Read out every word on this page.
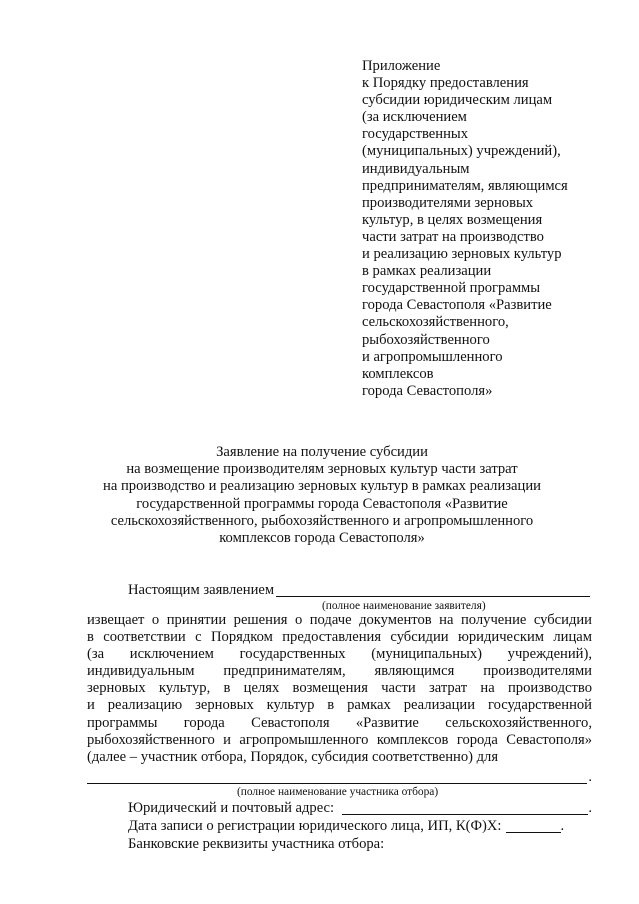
Приложение
к Порядку предоставления
субсидии юридическим лицам
(за исключением
государственных
(муниципальных) учреждений),
индивидуальным
предпринимателям, являющимся
производителями зерновых
культур, в целях возмещения
части затрат на производство
и реализацию зерновых культур
в рамках реализации
государственной программы
города Севастополя «Развитие
сельскохозяйственного,
рыбохозяйственного
и агропромышленного
комплексов
города Севастополя»
Заявление на получение субсидии
на возмещение производителям зерновых культур части затрат
на производство и реализацию зерновых культур в рамках реализации
государственной программы города Севастополя «Развитие
сельскохозяйственного, рыбохозяйственного и агропромышленного
комплексов города Севастополя»
Настоящим заявлением
(полное наименование заявителя)
извещает о принятии решения о подаче документов на получение субсидии
в соответствии с Порядком предоставления субсидии юридическим лицам
(за исключением государственных (муниципальных) учреждений),
индивидуальным предпринимателям, являющимся производителями
зерновых культур, в целях возмещения части затрат на производство
и реализацию зерновых культур в рамках реализации государственной
программы города Севастополя «Развитие сельскохозяйственного,
рыбохозяйственного и агропромышленного комплексов города Севастополя»
(далее – участник отбора, Порядок, субсидия соответственно) для
.
(полное наименование участника отбора)
Юридический и почтовый адрес:	.
Дата записи о регистрации юридического лица, ИП, К(Ф)Х:	.
Банковские реквизиты участника отбора:
